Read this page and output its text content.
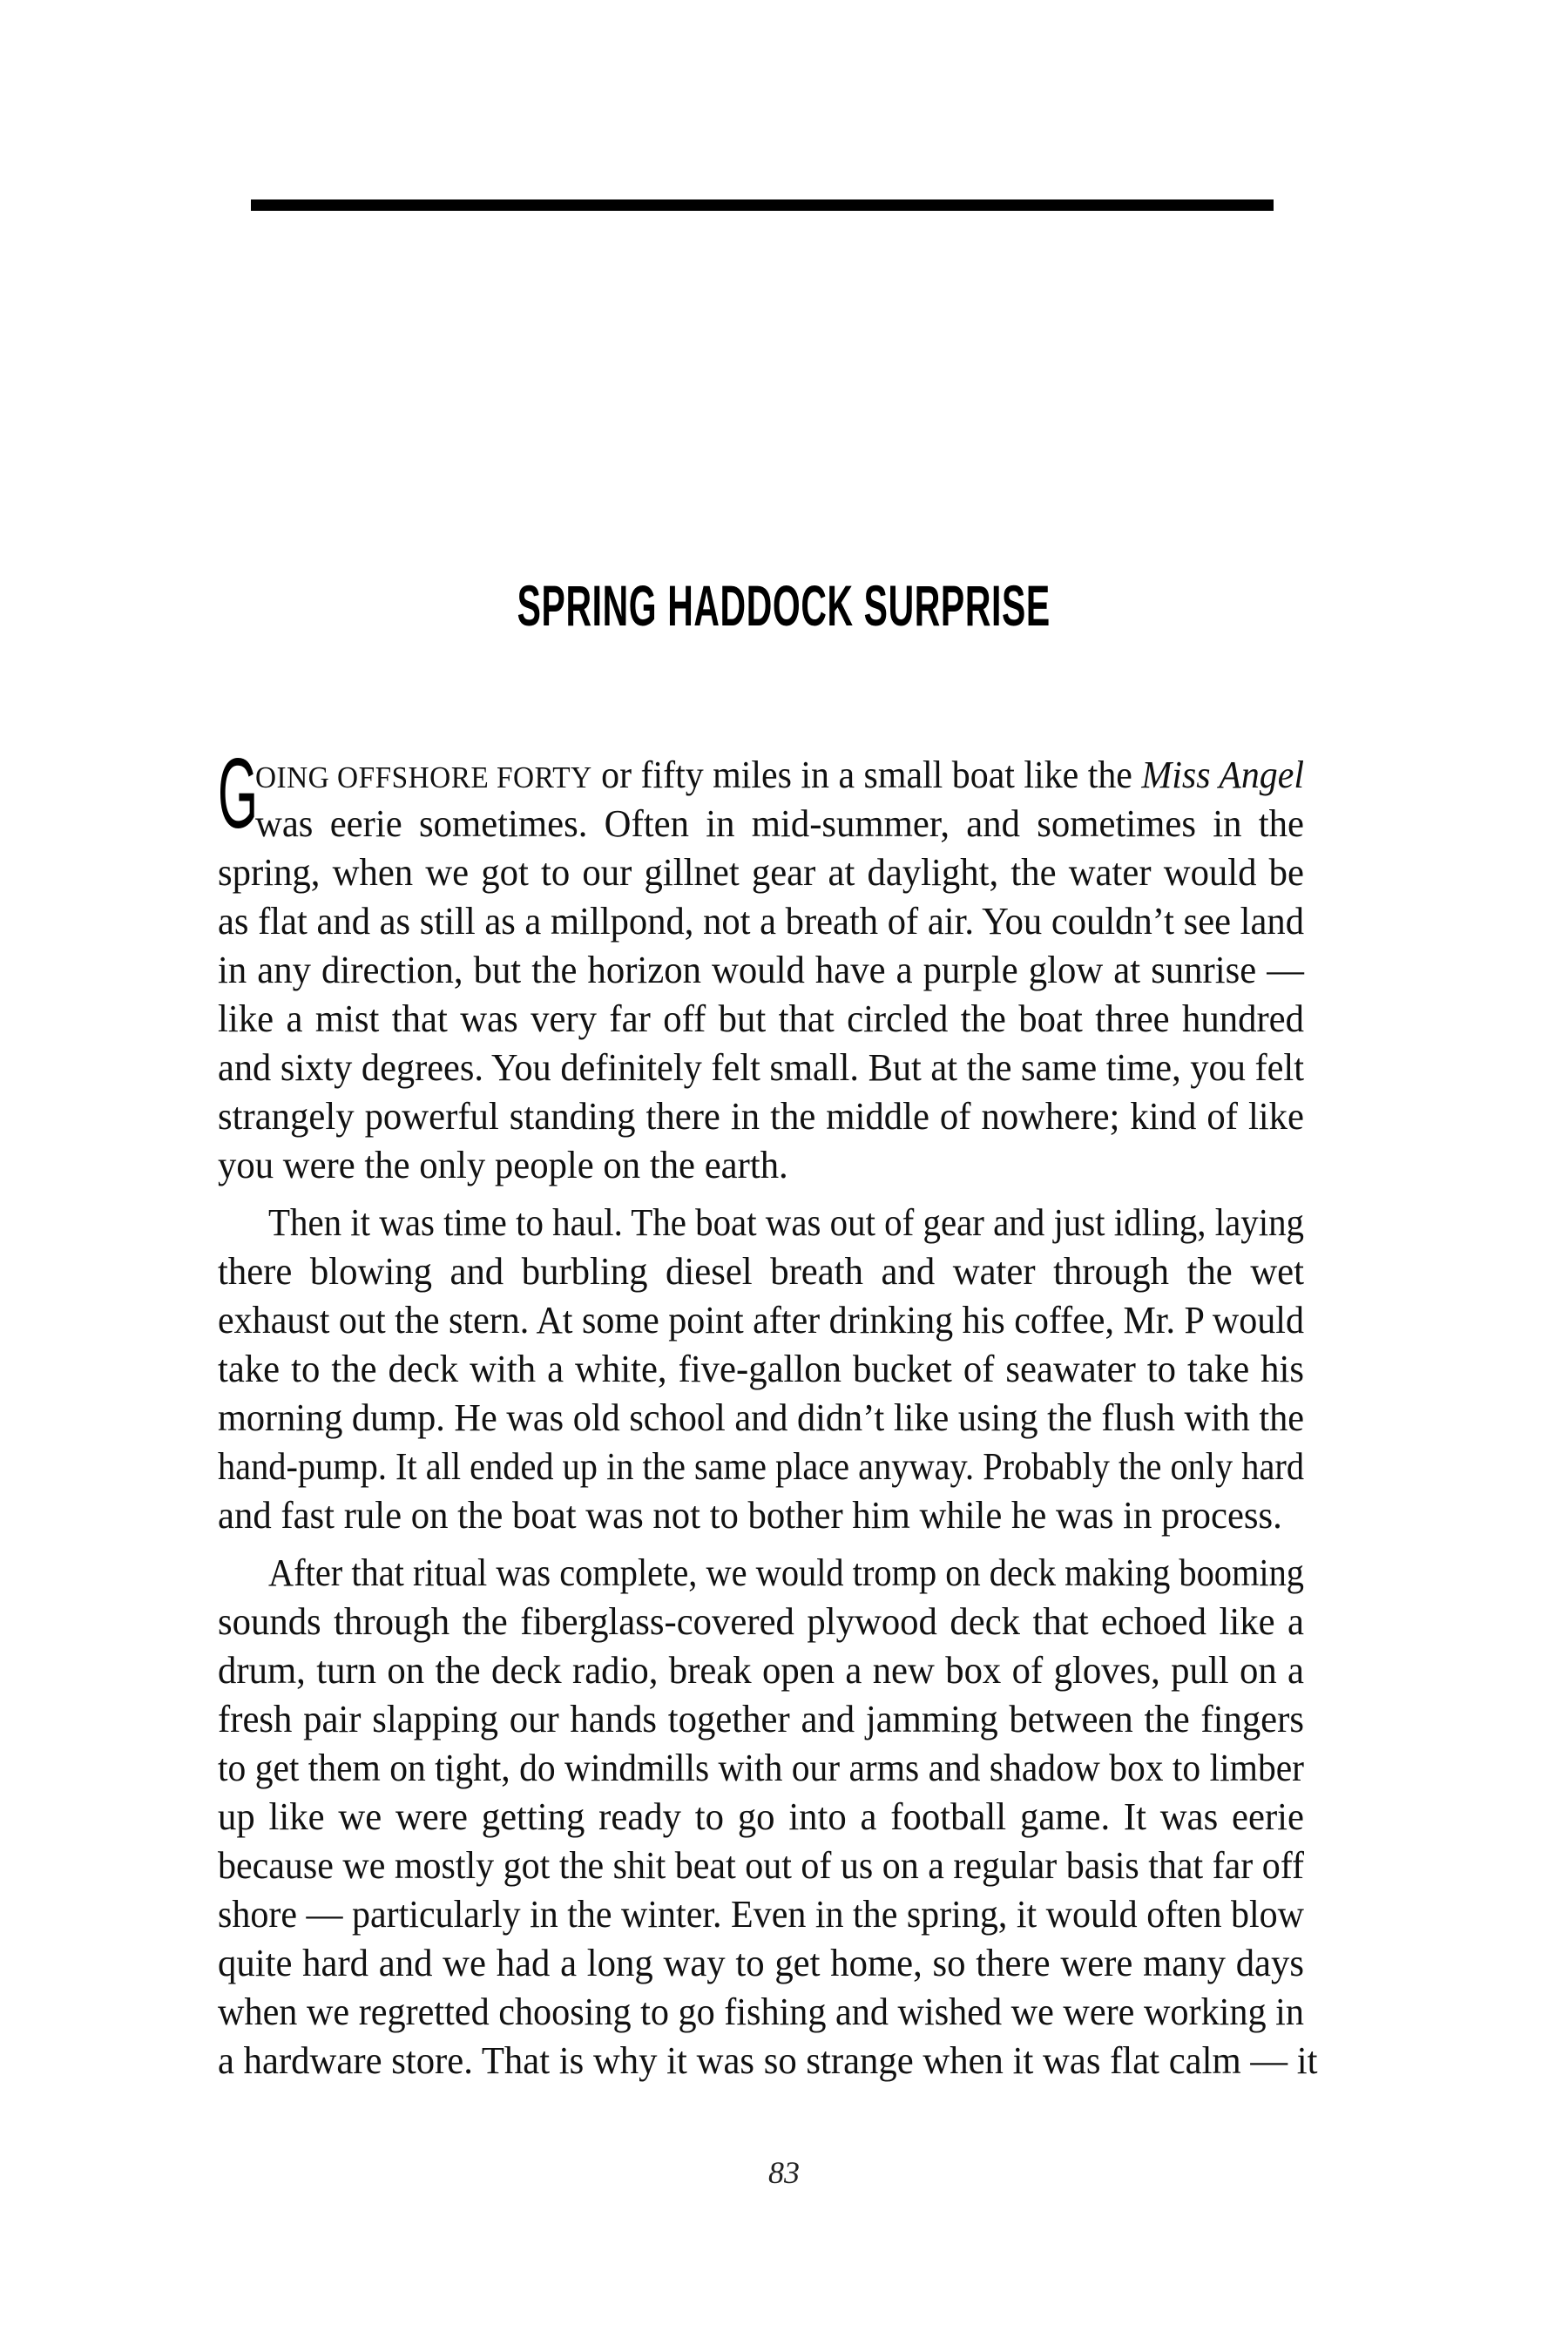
SPRING HADDOCK SURPRISE
G
OING OFFSHORE FORTY or fifty miles in a small boat like the Miss Angel
was eerie sometimes. Often in mid-summer, and sometimes in the
spring, when we got to our gillnet gear at daylight, the water would be
as flat and as still as a millpond, not a breath of air. You couldn’t see land
in any direction, but the horizon would have a purple glow at sunrise —
like a mist that was very far off but that circled the boat three hundred
and sixty degrees. You definitely felt small. But at the same time, you felt
strangely powerful standing there in the middle of nowhere; kind of like
you were the only people on the earth.
Then it was time to haul. The boat was out of gear and just idling, laying
there blowing and burbling diesel breath and water through the wet
exhaust out the stern. At some point after drinking his coffee, Mr. P would
take to the deck with a white, five-gallon bucket of seawater to take his
morning dump. He was old school and didn’t like using the flush with the
hand-pump. It all ended up in the same place anyway. Probably the only hard
and fast rule on the boat was not to bother him while he was in process.
After that ritual was complete, we would tromp on deck making booming
sounds through the fiberglass-covered plywood deck that echoed like a
drum, turn on the deck radio, break open a new box of gloves, pull on a
fresh pair slapping our hands together and jamming between the fingers
to get them on tight, do windmills with our arms and shadow box to limber
up like we were getting ready to go into a football game. It was eerie
because we mostly got the shit beat out of us on a regular basis that far off
shore — particularly in the winter. Even in the spring, it would often blow
quite hard and we had a long way to get home, so there were many days
when we regretted choosing to go fishing and wished we were working in
a hardware store. That is why it was so strange when it was flat calm — it
83
